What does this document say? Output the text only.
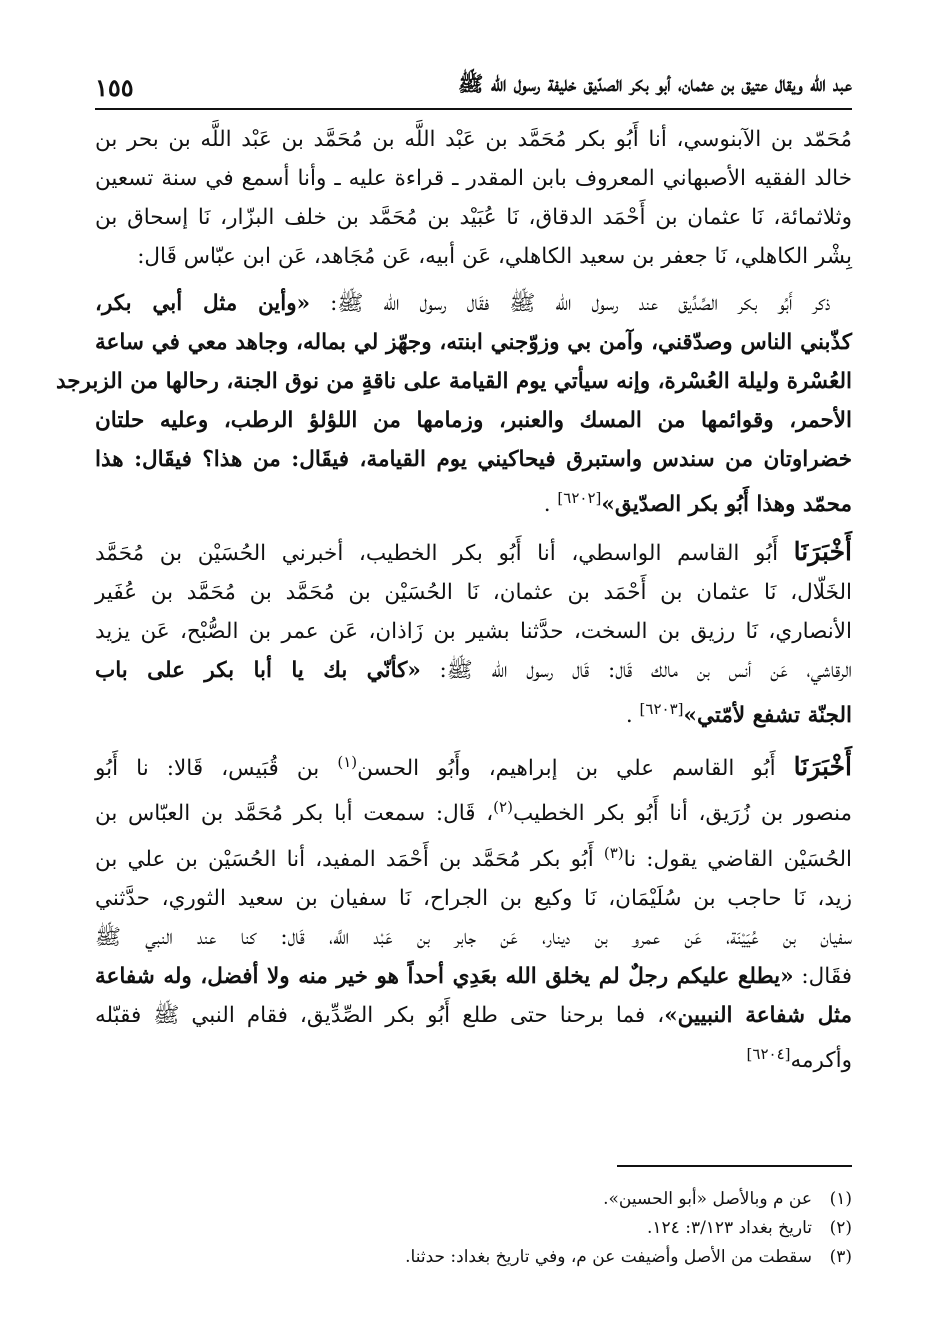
عبد الله ويقال عتيق بن عثمان، أبو بكر الصدّيق خليفة رسول الله ﷺ
١٥٥

مُحَمّد بن الآبنوسي، أنا أَبُو بكر مُحَمَّد بن عَبْد اللَّه بن مُحَمَّد بن عَبْد اللَّه بن بحر بن
خالد الفقيه الأصبهاني المعروف بابن المقدر ـ قراءة عليه ـ وأنا أسمع في سنة تسعين
وثلاثمائة، نَا عثمان بن أَحْمَد الدقاق، نَا عُبَيْد بن مُحَمَّد بن خلف البزّار، نَا إسحاق بن
بِشْر الكاهلي، نَا جعفر بن سعيد الكاهلي، عَن أبيه، عَن مُجَاهد، عَن ابن عبّاس قَال:

 ذكر أَبُو بكر الصِّدِّيق عند رسول الله ﷺ فقَال رسول الله ﷺ: «وأين مثل أبي بكر،
كذّبني الناس وصدّقني، وآمن بي وزوّجني ابنته، وجهّز لي بماله، وجاهد معي في ساعة
العُسْرة وليلة العُسْرة، وإنه سيأتي يوم القيامة على ناقةٍ من نوق الجنة، رحالها من الزبرجد
الأحمر، وقوائمها من المسك والعنبر، وزمامها من اللؤلؤ الرطب، وعليه حلتان
خضراوتان من سندس واستبرق فيحاكيني يوم القيامة، فيقَال: من هذا؟ فيقَال: هذا
محمّد وهذا أَبُو بكر الصدّيق»[٦٢٠٢] .

أَخْبَرَنَا أَبُو القاسم الواسطي، أنا أَبُو بكر الخطيب، أخبرني الحُسَيْن بن مُحَمَّد
الخَلّال، نَا عثمان بن أَحْمَد بن عثمان، نَا الحُسَيْن بن مُحَمَّد بن مُحَمَّد بن عُفَير
الأنصاري، نَا رزيق بن السخت، حدَّثنا بشير بن زَاذان، عَن عمر بن الصُّبْح، عَن يزيد
الرقاشي، عَن أنس بن مالك قَال: قَال رسول الله ﷺ: «كأنّي بك يا أبا بكر على باب
الجنّة تشفع لأمّتي»[٦٢٠٣] .

أَخْبَرَنَا أَبُو القاسم علي بن إبراهيم، وأَبُو الحسن$^{(١)}$ بن قُبَيس، قَالا: نا أَبُو
منصور بن زُرَيق، أنا أَبُو بكر الخطيب$^{(٢)}$، قَال: سمعت أبا بكر مُحَمَّد بن العبّاس بن
الحُسَيْن القاضي يقول: نا$^{(٣)}$ أَبُو بكر مُحَمَّد بن أَحْمَد المفيد، أنا الحُسَيْن بن علي بن
زيد، نَا حاجب بن سُلَيْمَان، نَا وكيع بن الجراح، نَا سفيان بن سعيد الثوري، حدَّثني
سفيان بن عُيَيْنَة، عَن عمرو بن دينار، عَن جابر بن عَبْد اللَّه، قَال: كنا عند النبي ﷺ
فقَال: «يطلع عليكم رجلٌ لم يخلق الله بعَدِي أحداً هو خير منه ولا أفضل، وله شفاعة
مثل شفاعة النبيين»، فما برحنا حتى طلع أَبُو بكر الصِّدِّيق، فقام النبي ﷺ فقبّله
وأكرمه[٦٢٠٤]

(١)
عن م وبالأصل «أبو الحسين».
(٢)
تاريخ بغداد ٣/١٢٣: ١٢٤.
(٣)
سقطت من الأصل وأضيفت عن م، وفي تاريخ بغداد: حدثنا.
